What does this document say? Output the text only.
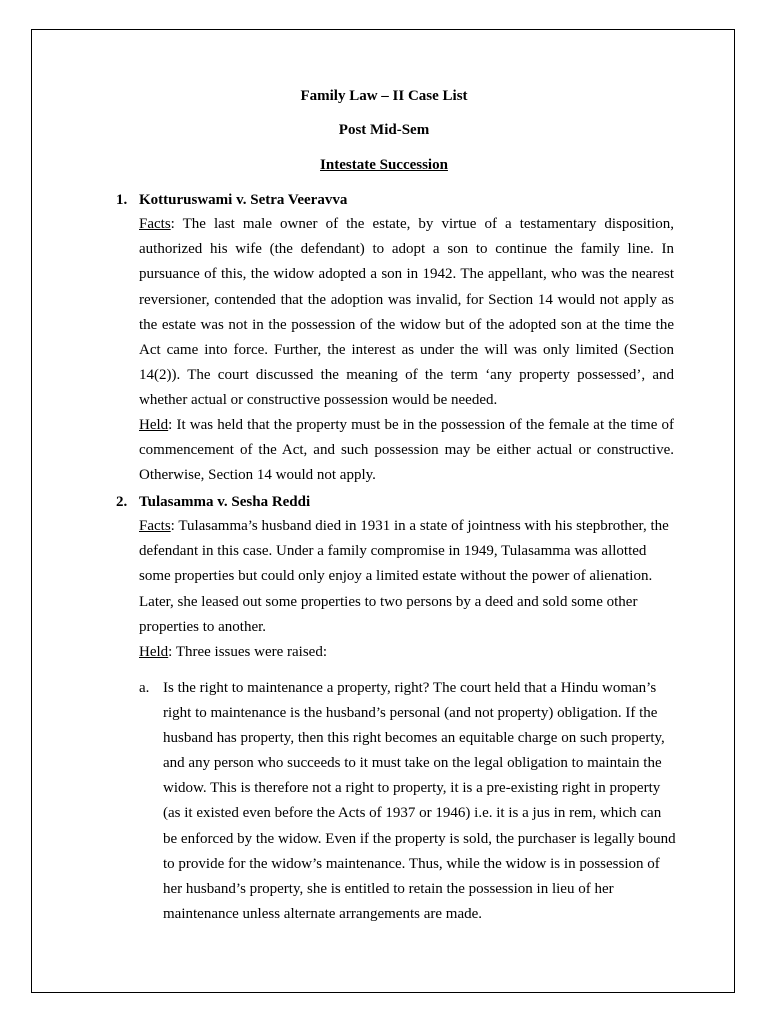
Family Law – II Case List
Post Mid-Sem
Intestate Succession
1. Kotturuswami v. Setra Veeravva

Facts: The last male owner of the estate, by virtue of a testamentary disposition, authorized his wife (the defendant) to adopt a son to continue the family line. In pursuance of this, the widow adopted a son in 1942. The appellant, who was the nearest reversioner, contended that the adoption was invalid, for Section 14 would not apply as the estate was not in the possession of the widow but of the adopted son at the time the Act came into force. Further, the interest as under the will was only limited (Section 14(2)). The court discussed the meaning of the term ‘any property possessed’, and whether actual or constructive possession would be needed.

Held: It was held that the property must be in the possession of the female at the time of commencement of the Act, and such possession may be either actual or constructive. Otherwise, Section 14 would not apply.

2. Tulasamma v. Sesha Reddi

Facts: Tulasamma’s husband died in 1931 in a state of jointness with his stepbrother, the defendant in this case. Under a family compromise in 1949, Tulasamma was allotted some properties but could only enjoy a limited estate without the power of alienation. Later, she leased out some properties to two persons by a deed and sold some other properties to another.

Held: Three issues were raised:

a. Is the right to maintenance a property, right? The court held that a Hindu woman’s right to maintenance is the husband’s personal (and not property) obligation. If the husband has property, then this right becomes an equitable charge on such property, and any person who succeeds to it must take on the legal obligation to maintain the widow. This is therefore not a right to property, it is a pre-existing right in property (as it existed even before the Acts of 1937 or 1946) i.e. it is a jus in rem, which can be enforced by the widow. Even if the property is sold, the purchaser is legally bound to provide for the widow’s maintenance. Thus, while the widow is in possession of her husband’s property, she is entitled to retain the possession in lieu of her maintenance unless alternate arrangements are made.
